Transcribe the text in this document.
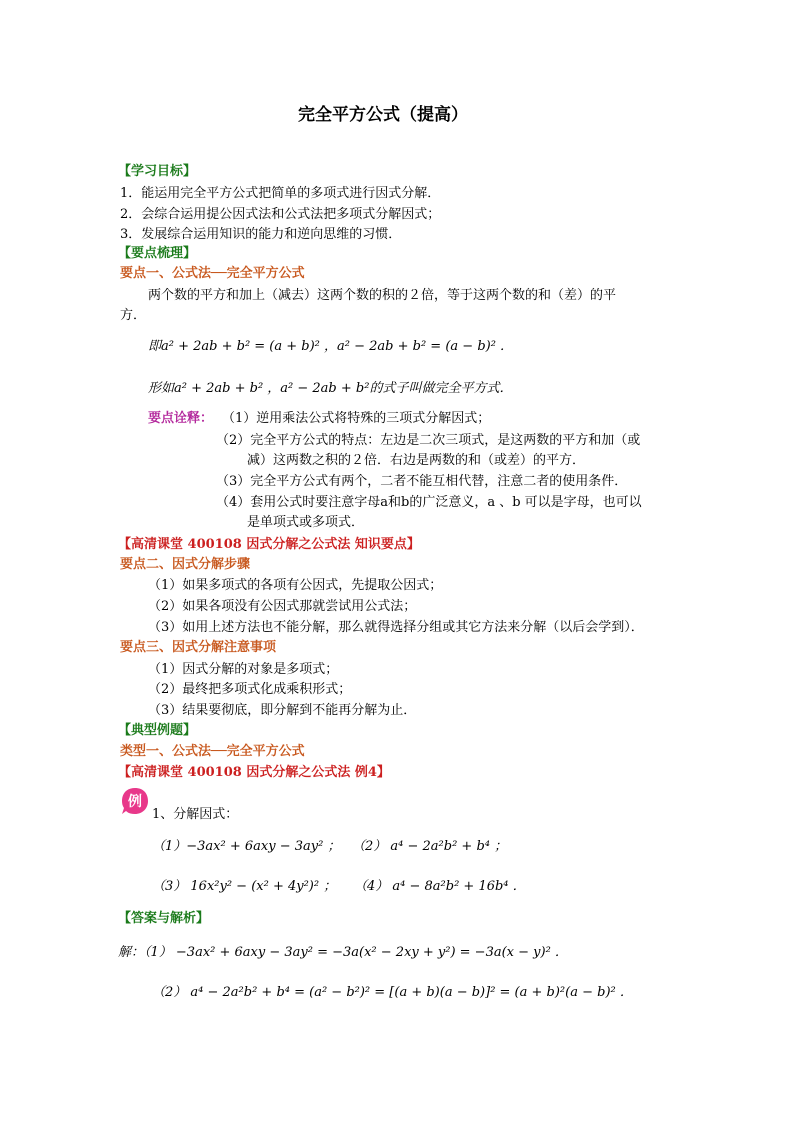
完全平方公式（提高）
【学习目标】
1．能运用完全平方公式把简单的多项式进行因式分解．
2．会综合运用提公因式法和公式法把多项式分解因式；
3．发展综合运用知识的能力和逆向思维的习惯．
【要点梳理】
要点一、公式法──完全平方公式
两个数的平方和加上（减去）这两个数的积的２倍，等于这两个数的和（差）的平
方．
即a² + 2ab + b² = (a + b)² ，a² − 2ab + b² = (a − b)² ．
形如a² + 2ab + b² ，a² − 2ab + b²的式子叫做完全平方式．
要点诠释： （1）逆用乘法公式将特殊的三项式分解因式；
（2）完全平方公式的特点：左边是二次三项式，是这两数的平方和加（或
减）这两数之积的２倍．右边是两数的和（或差）的平方．
（3）完全平方公式有两个，二者不能互相代替，注意二者的使用条件．
（4）套用公式时要注意字母a和b的广泛意义，a 、b 可以是字母，也可以
是单项式或多项式．
【高清课堂 400108 因式分解之公式法 知识要点】
要点二、因式分解步骤
（1）如果多项式的各项有公因式，先提取公因式；
（2）如果各项没有公因式那就尝试用公式法；
（3）如用上述方法也不能分解，那么就得选择分组或其它方法来分解（以后会学到）．
要点三、因式分解注意事项
（1）因式分解的对象是多项式；
（2）最终把多项式化成乘积形式；
（3）结果要彻底，即分解到不能再分解为止．
【典型例题】
类型一、公式法──完全平方公式
【高清课堂 400108 因式分解之公式法 例4】
例
1、分解因式：
（1）−3ax² + 6axy − 3ay² ； （2） a⁴ − 2a²b² + b⁴ ；
（3） 16x²y² − (x² + 4y²)² ； （4） a⁴ − 8a²b² + 16b⁴ ．
【答案与解析】
解：（1） −3ax² + 6axy − 3ay² = −3a(x² − 2xy + y²) = −3a(x − y)² ．
（2） a⁴ − 2a²b² + b⁴ = (a² − b²)² = [(a + b)(a − b)]² = (a + b)²(a − b)² ．
